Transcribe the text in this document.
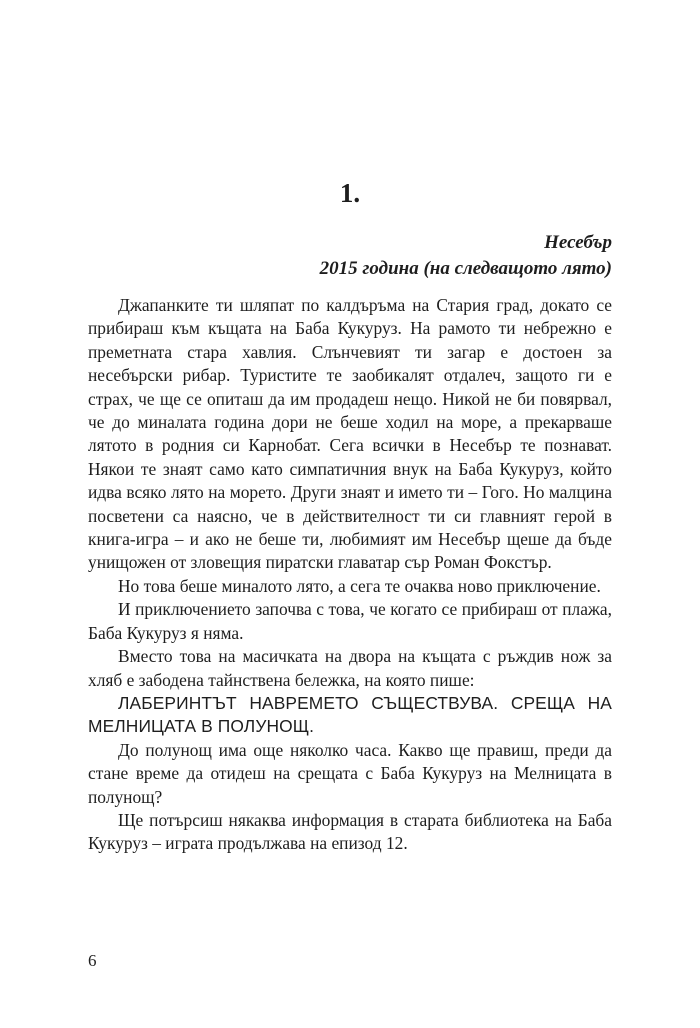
1.
Несебър
2015 година (на следващото лято)

Джапанките ти шляпат по калдъръма на Стария град, докато се прибираш към къщата на Баба Кукуруз. На рамото ти небрежно е преметната стара хавлия. Слънчевият ти загар е достоен за несебърски рибар. Туристите те заобикалят отдалеч, защото ги е страх, че ще се опиташ да им продадеш нещо. Никой не би повярвал, че до миналата година дори не беше ходил на море, а прекарваше лятото в родния си Карнобат. Сега всички в Несебър те познават. Някои те знаят само като симпатичния внук на Баба Кукуруз, който идва всяко лято на морето. Други знаят и името ти – Гого. Но малцина посветени са наясно, че в действителност ти си главният герой в книга-игра – и ако не беше ти, любимият им Несебър щеше да бъде унищожен от зловещия пиратски главатар сър Роман Фокстър.

Но това беше миналото лято, а сега те очаква ново приключение.

И приключението започва с това, че когато се прибираш от плажа, Баба Кукуруз я няма.

Вместо това на масичката на двора на къщата с ръждив нож за хляб е забодена тайнствена бележка, на която пише:

ЛАБЕРИНТЪТ НАВРЕМЕТО СЪЩЕСТВУВА. СРЕЩА НА МЕЛНИЦАТА В ПОЛУНОЩ.

До полунощ има още няколко часа. Какво ще правиш, преди да стане време да отидеш на срещата с Баба Кукуруз на Мелницата в полунощ?

Ще потърсиш някаква информация в старата библиотека на Баба Кукуруз – играта продължава на епизод 12.

6
